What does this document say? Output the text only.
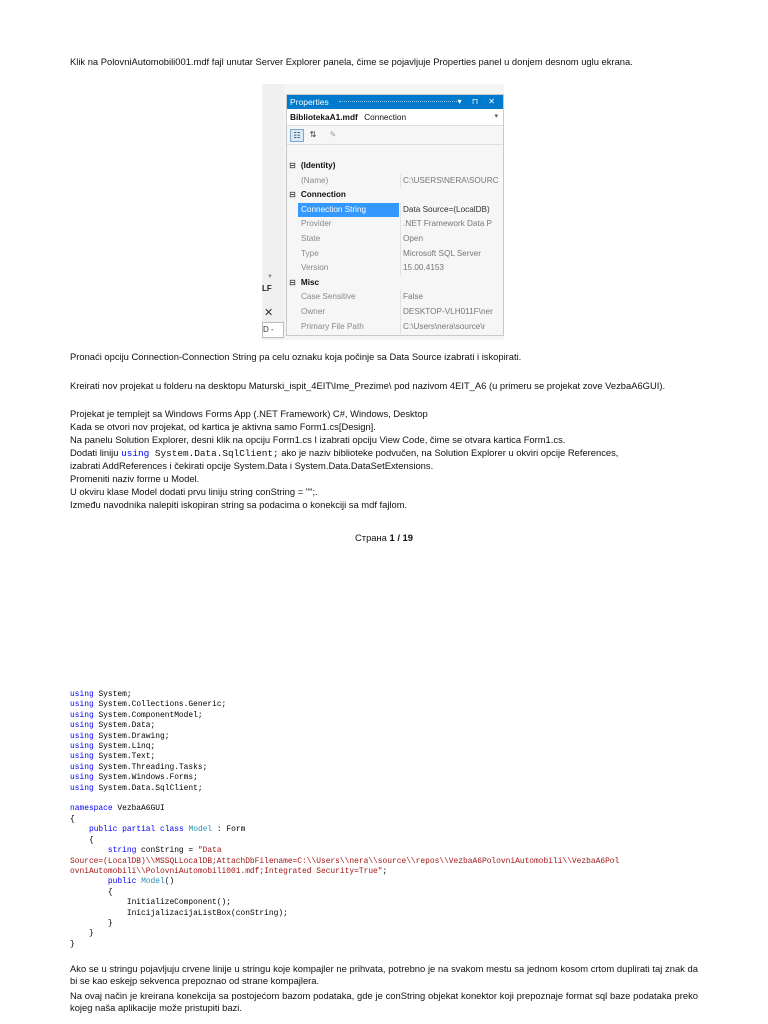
Klik na PolovniAutomobili001.mdf fajl unutar Server Explorer panela, čime se pojavljuje Properties panel u donjem desnom uglu ekrana.
▼
LF
✕
D -
Properties	▾ ⊓ ✕
BibliotekaA1.mdf Connection	▾
☷	⇅	✎
⊟ (Identity)
(Name)	C:\USERS\NERA\SOURC
⊟ Connection
Connection String	Data Source=(LocalDB)
Provider	.NET Framework Data P
State	Open
Type	Microsoft SQL Server
Version	15.00.4153
⊟ Misc
Case Sensitive	False
Owner	DESKTOP-VLH011F\ner
Primary File Path	C:\Users\nera\source\r
Pronaći opciju Connection-Connection String pa celu oznaku koja počinje sa Data Source izabrati i iskopirati.
Kreirati nov projekat u folderu na desktopu Maturski_ispit_4EIT\Ime_Prezime\ pod nazivom 4EIT_A6 (u primeru se projekat zove VezbaA6GUI).
Projekat je templejt sa Windows Forms App (.NET Framework) C#, Windows, Desktop
Kada se otvori nov projekat, od kartica je aktivna samo Form1.cs[Design].
Na panelu Solution Explorer, desni klik na opciju Form1.cs I izabrati opciju View Code, čime se otvara kartica Form1.cs.
Dodati liniju using System.Data.SqlClient; ako je naziv biblioteke podvučen, na Solution Explorer u okviri opcije References,
izabrati AddReferences i čekirati opcije System.Data i System.Data.DataSetExtensions.
Promeniti naziv forme u Model.
U okviru klase Model dodati prvu liniju string conString = "";.
Između navodnika nalepiti iskopiran string sa podacima o konekciji sa mdf fajlom.
Страна 1 / 19
using System;
using System.Collections.Generic;
using System.ComponentModel;
using System.Data;
using System.Drawing;
using System.Linq;
using System.Text;
using System.Threading.Tasks;
using System.Windows.Forms;
using System.Data.SqlClient;

namespace VezbaA6GUI
{
public partial class Model : Form
{
string conString = "Data
Source=(LocalDB)\\MSSQLLocalDB;AttachDbFilename=C:\\Users\\nera\\source\\repos\\VezbaA6PolovniAutomobili\\VezbaA6Pol
ovniAutomobili\\PolovniAutomobili001.mdf;Integrated Security=True";
public Model()
{
InitializeComponent();
InicijalizacijaListBox(conString);
}
}
}
Ako se u stringu pojavljuju crvene linije u stringu koje kompajler ne prihvata, potrebno je na svakom mestu sa jednom kosom crtom duplirati taj znak da bi se kao eskejp sekvenca prepoznao od strane kompajlera.
Na ovaj način je kreirana konekcija sa postojećom bazom podataka, gde je conString objekat konektor koji prepoznaje format sql baze podataka preko kojeg naša aplikacije može pristupiti bazi.
